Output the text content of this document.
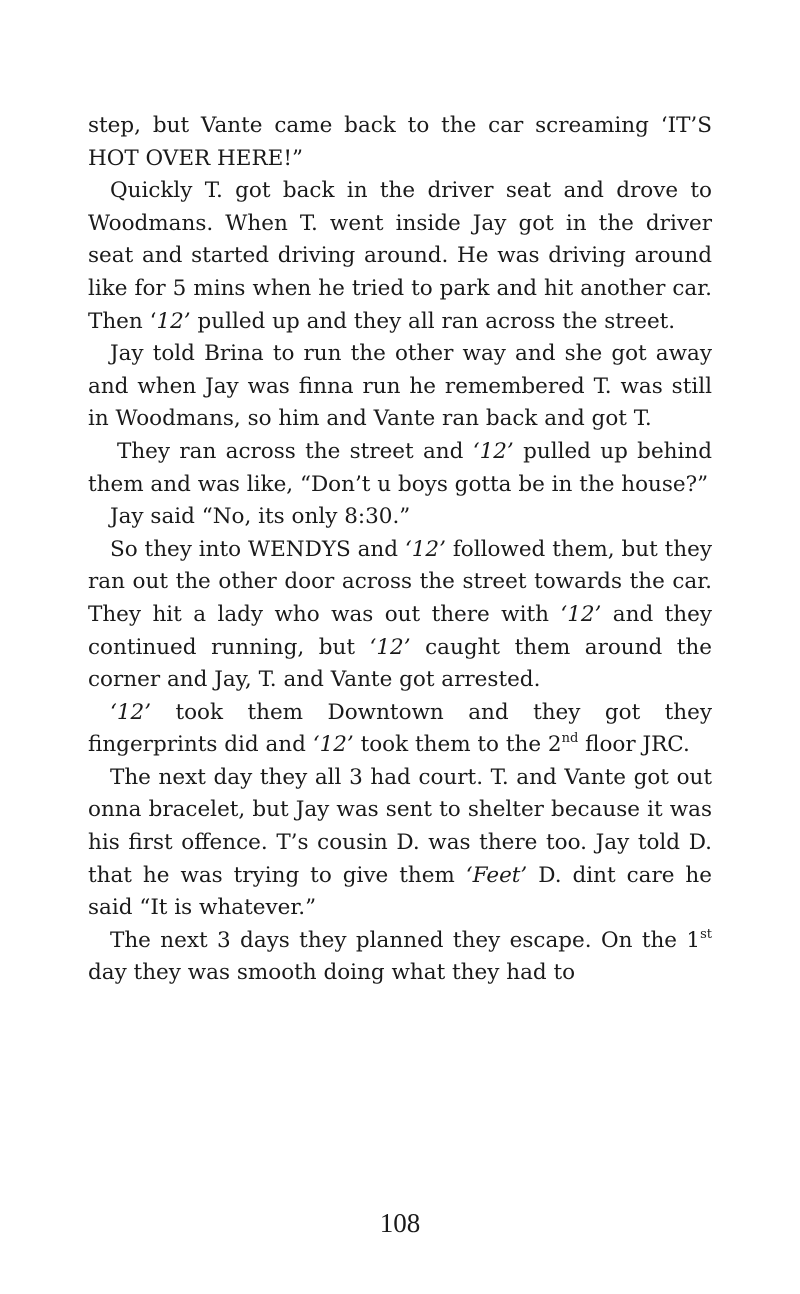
step, but Vante came back to the car screaming ‘IT’S HOT OVER HERE!”

Quickly T. got back in the driver seat and drove to Woodmans. When T. went inside Jay got in the driver seat and started driving around. He was driving around like for 5 mins when he tried to park and hit another car. Then ‘12’ pulled up and they all ran across the street.

Jay told Brina to run the other way and she got away and when Jay was finna run he remembered T. was still in Woodmans, so him and Vante ran back and got T.

They ran across the street and ‘12’ pulled up behind them and was like, “Don’t u boys gotta be in the house?”

Jay said “No, its only 8:30.”

So they into WENDYS and ‘12’ followed them, but they ran out the other door across the street towards the car. They hit a lady who was out there with ‘12’ and they continued running, but ‘12’ caught them around the corner and Jay, T. and Vante got arrested.

‘12’ took them Downtown and they got they fingerprints did and ‘12’ took them to the 2nd floor JRC.

The next day they all 3 had court. T. and Vante got out onna bracelet, but Jay was sent to shelter because it was his first offence. T’s cousin D. was there too. Jay told D. that he was trying to give them ‘Feet’ D. dint care he said “It is whatever.”

The next 3 days they planned they escape. On the 1st day they was smooth doing what they had to

108
